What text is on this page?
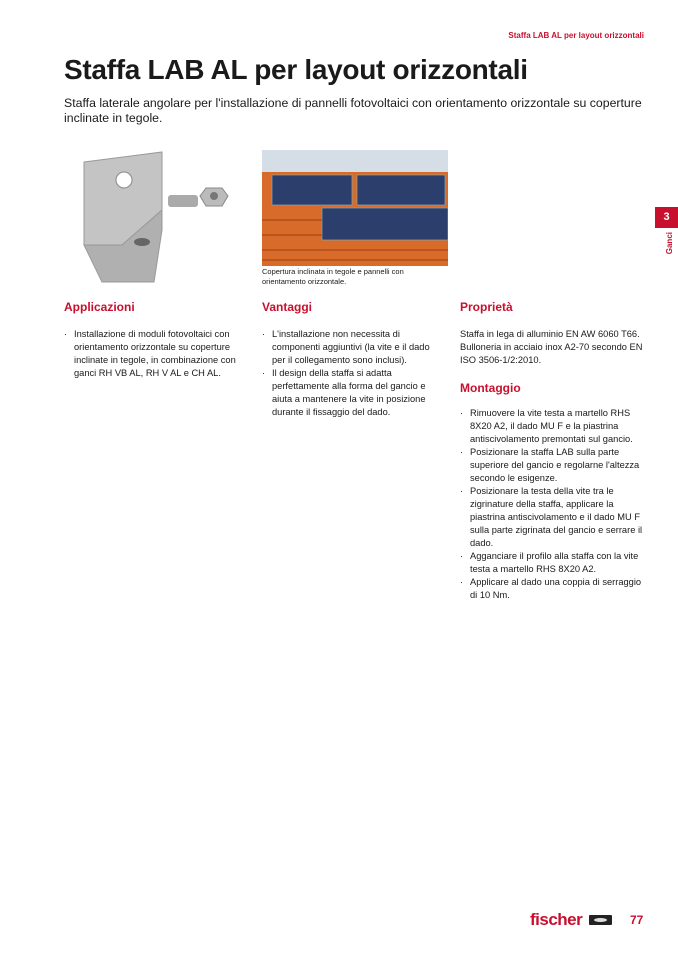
Staffa LAB AL per layout orizzontali
Staffa LAB AL per layout orizzontali

Staffa laterale angolare per l'installazione di pannelli fotovoltaici con orientamento orizzontale su coperture inclinate in tegole.

Copertura inclinata in tegole e pannelli con orientamento orizzontale.

3
Ganci
Applicazioni
· Installazione di moduli fotovoltaici con orientamento orizzontale su coperture inclinate in tegole, in combinazione con ganci RH VB AL, RH V AL e CH AL.
Vantaggi
· L'installazione non necessita di componenti aggiuntivi (la vite e il dado per il collegamento sono inclusi).
· Il design della staffa si adatta perfettamente alla forma del gancio e aiuta a mantenere la vite in posizione durante il fissaggio del dado.
Proprietà

Staffa in lega di alluminio EN AW 6060 T66. Bulloneria in acciaio inox A2-70 secondo EN ISO 3506-1/2:2010.

Montaggio
· Rimuovere la vite testa a martello RHS 8X20 A2, il dado MU F e la piastrina antiscivolamento premontati sul gancio.
· Posizionare la staffa LAB sulla parte superiore del gancio e regolarne l'altezza secondo le esigenze.
· Posizionare la testa della vite tra le zigrinature della staffa, applicare la piastrina antiscivolamento e il dado MU F sulla parte zigrinata del gancio e serrare il dado.
· Agganciare il profilo alla staffa con la vite testa a martello RHS 8X20 A2.
· Applicare al dado una coppia di serraggio di 10 Nm.
fischer	77
